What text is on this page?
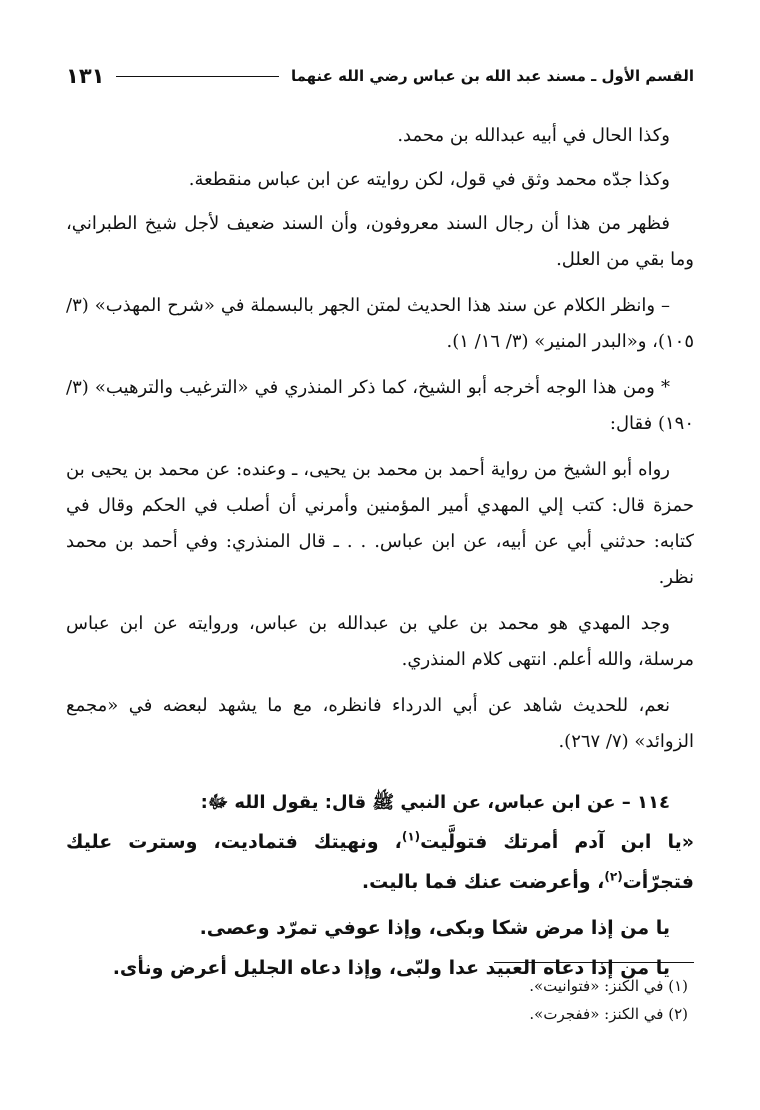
القسم الأول ـ مسند عبد الله بن عباس رضي الله عنهما
١٣١

وكذا الحال في أبيه عبدالله بن محمد.

وكذا جدّه محمد وثق في قول، لكن روايته عن ابن عباس منقطعة.

فظهر من هذا أن رجال السند معروفون، وأن السند ضعيف لأجل شيخ الطبراني، وما بقي من العلل.

– وانظر الكلام عن سند هذا الحديث لمتن الجهر بالبسملة في «شرح المهذب» (٣/ ١٠٥)، و«البدر المنير» (٣/ ١٦/ ١).

* ومن هذا الوجه أخرجه أبو الشيخ، كما ذكر المنذري في «الترغيب والترهيب» (٣/ ١٩٠) فقال:

رواه أبو الشيخ من رواية أحمد بن محمد بن يحيى، ـ وعنده: عن محمد بن يحيى بن حمزة قال: كتب إلي المهدي أمير المؤمنين وأمرني أن أصلب في الحكم وقال في كتابه: حدثني أبي عن أبيه، عن ابن عباس. . . ـ قال المنذري: وفي أحمد بن محمد نظر.

وجد المهدي هو محمد بن علي بن عبدالله بن عباس، وروايته عن ابن عباس مرسلة، والله أعلم. انتهى كلام المنذري.

نعم، للحديث شاهد عن أبي الدرداء فانظره، مع ما يشهد لبعضه في «مجمع الزوائد» (٧/ ٢٦٧).

١١٤ – عن ابن عباس، عن النبي ﷺ قال: يقول الله ﷻ:

«يا ابن آدم أمرتك فتولَّيت$^{(١)}$، ونهيتك فتماديت، وسترت عليك فتجرّأت$^{(٢)}$، وأعرضت عنك فما باليت.

يا من إذا مرض شكا وبكى، وإذا عوفي تمرّد وعصى.

يا من إذا دعاه العبيد عدا ولبّى، وإذا دعاه الجليل أعرض ونأى.

(١) في الكنز: «فتوانيت».

(٢) في الكنز: «ففجرت».
